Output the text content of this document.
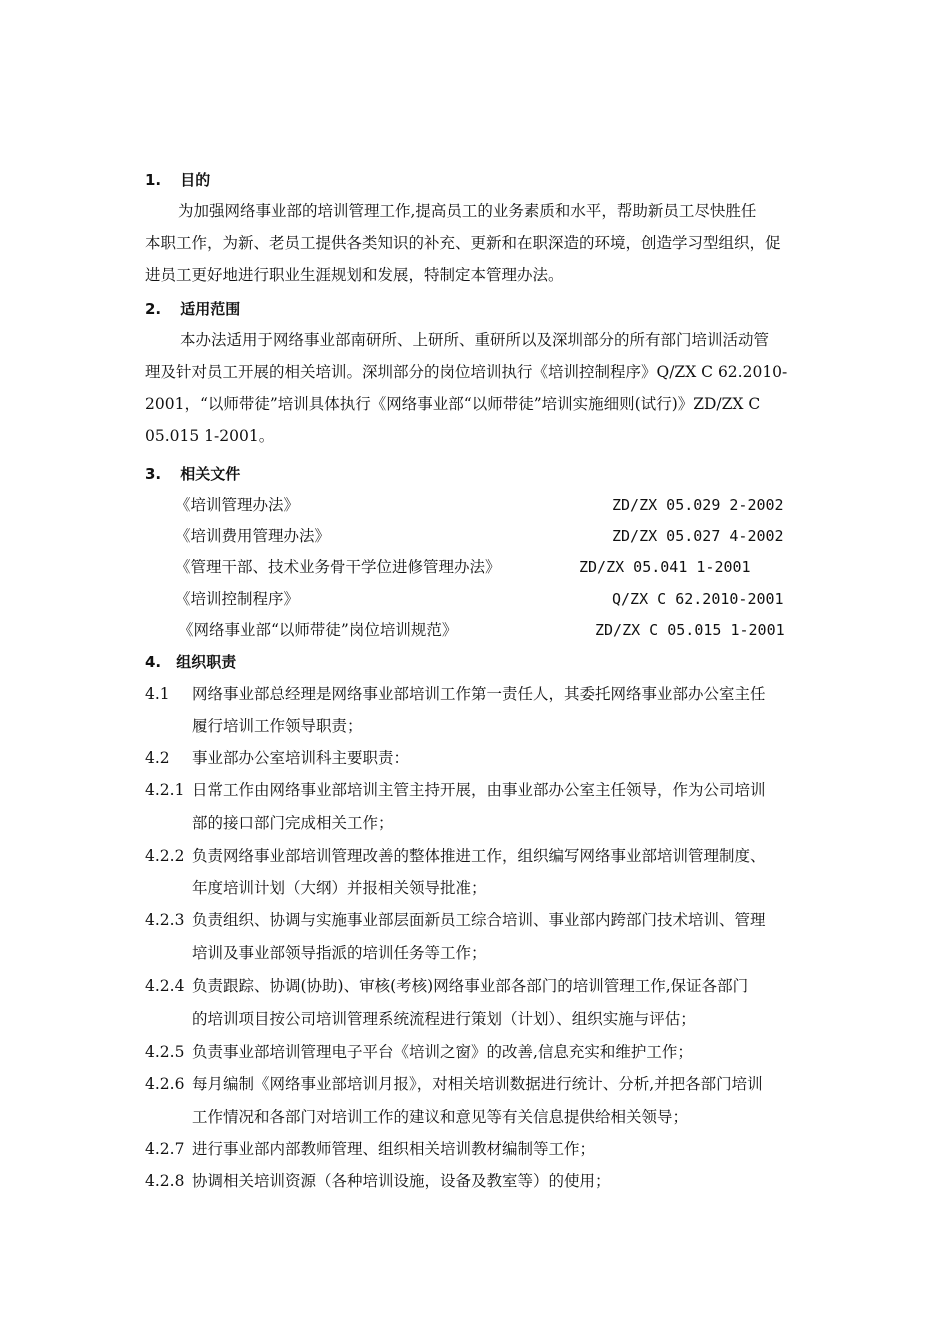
1. 目的
为加强网络事业部的培训管理工作,提高员工的业务素质和水平，帮助新员工尽快胜任
本职工作，为新、老员工提供各类知识的补充、更新和在职深造的环境，创造学习型组织，促
进员工更好地进行职业生涯规划和发展，特制定本管理办法。
2. 适用范围
本办法适用于网络事业部南研所、上研所、重研所以及深圳部分的所有部门培训活动管
理及针对员工开展的相关培训。深圳部分的岗位培训执行《培训控制程序》Q/ZX C 62.2010-
2001，“以师带徒”培训具体执行《网络事业部“以师带徒”培训实施细则(试行)》ZD/ZX C
05.015 1-2001。
3. 相关文件
《培训管理办法》	ZD/ZX 05.029 2-2002
《培训费用管理办法》	ZD/ZX 05.027 4-2002
《管理干部、技术业务骨干学位进修管理办法》	ZD/ZX 05.041 1-2001
《培训控制程序》	Q/ZX C 62.2010-2001
《网络事业部“以师带徒”岗位培训规范》	ZD/ZX C 05.015 1-2001
4. 组织职责
4.1 网络事业部总经理是网络事业部培训工作第一责任人，其委托网络事业部办公室主任
履行培训工作领导职责；
4.2 事业部办公室培训科主要职责：
4.2.1 日常工作由网络事业部培训主管主持开展，由事业部办公室主任领导，作为公司培训
部的接口部门完成相关工作；
4.2.2 负责网络事业部培训管理改善的整体推进工作，组织编写网络事业部培训管理制度、
年度培训计划（大纲）并报相关领导批准；
4.2.3 负责组织、协调与实施事业部层面新员工综合培训、事业部内跨部门技术培训、管理
培训及事业部领导指派的培训任务等工作；
4.2.4 负责跟踪、协调(协助)、审核(考核)网络事业部各部门的培训管理工作,保证各部门
的培训项目按公司培训管理系统流程进行策划（计划）、组织实施与评估；
4.2.5 负责事业部培训管理电子平台《培训之窗》的改善,信息充实和维护工作；
4.2.6 每月编制《网络事业部培训月报》，对相关培训数据进行统计、分析,并把各部门培训
工作情况和各部门对培训工作的建议和意见等有关信息提供给相关领导；
4.2.7 进行事业部内部教师管理、组织相关培训教材编制等工作；
4.2.8 协调相关培训资源（各种培训设施，设备及教室等）的使用；
